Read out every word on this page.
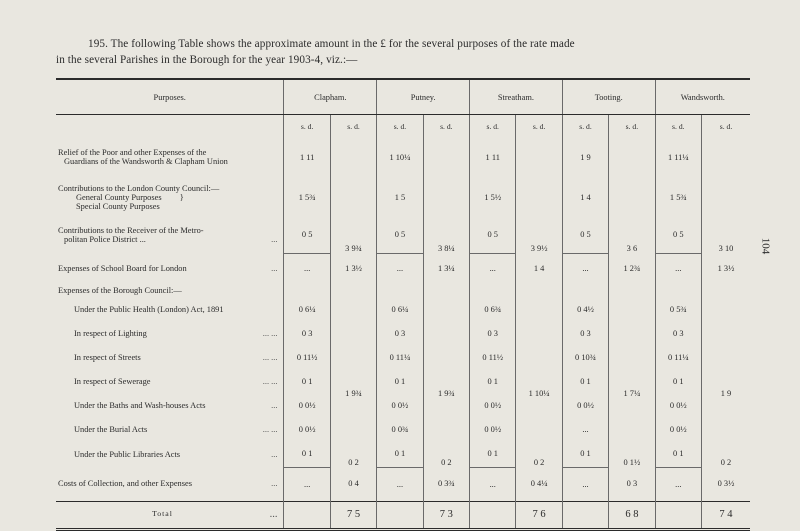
195. The following Table shows the approximate amount in the £ for the several purposes of the rate made
in the several Parishes in the Borough for the year 1903-4, viz.:—
104
Purposes.	Clapham.		Putney.		Streatham.		Tooting.		Wandsworth.	
	s. d.	s. d.	s. d.	s. d.	s. d.	s. d.	s. d.	s. d.	s. d.	s. d.

Relief of the Poor and other Expenses of the
Guardians of the Wandsworth & Clapham Union	1 11		1 10¼		1 11		1 9		1 11¼	

Contributions to the London County Council:—
General County Purposes }
Special County Purposes	1 5¾		1 5		1 5½		1 4		1 5¾	

Contributions to the Receiver of the Metro-
politan Police District ... ...	0 5	3 9¾	0 5	3 8¼	0 5	3 9½	0 5	3 6	0 5	3 10

Expenses of School Board for London ...	...	1 3½	...	1 3¼	...	1 4	...	1 2¾	...	1 3½
Expenses of the Borough Council:—										
Under the Public Health (London) Act, 1891	0 6¼		0 6¼		0 6¾		0 4½		0 5¾	

In respect of Lighting ... ...	0 3		0 3		0 3		0 3		0 3	

In respect of Streets ... ...	0 11½		0 11¼		0 11½		0 10¾		0 11¼	

In respect of Sewerage ... ...	0 1	1 9¾	0 1	1 9¾	0 1	1 10¼	0 1	1 7¼	0 1	1 9

Under the Baths and Wash-houses Acts ...	0 0½		0 0½		0 0½		0 0½		0 0½	

Under the Burial Acts ... ...	0 0½		0 0¾		0 0½		...		0 0½	

Under the Public Libraries Acts ...	0 1	0 2	0 1	0 2	0 1	0 2	0 1	0 1½	0 1	0 2

Costs of Collection, and other Expenses ...	...	0 4	...	0 3¾	...	0 4¼	...	0 3	...	0 3½

Total ...		7 5		7 3		7 6		6 8		7 4
